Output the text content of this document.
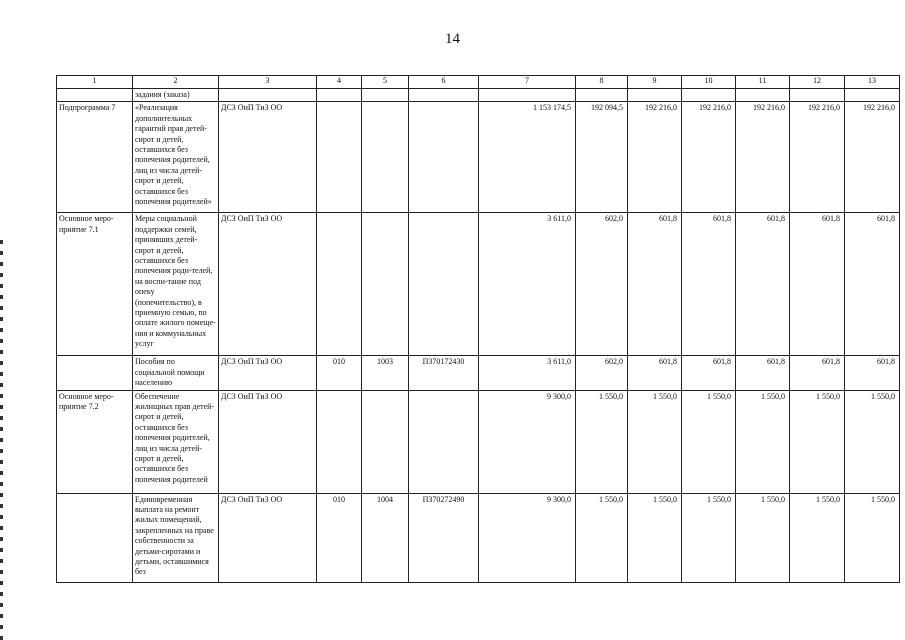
14
1	2	3	4	5	6	7	8	9	10	11	12	13
	задания (заказа)											
Подпрограмма 7	«Реализация дополнительных гарантий прав детей-сирот и детей, оставшихся без попечения родителей, лиц из числа детей-сирот и детей, оставшихся без попечения родителей»	ДСЗ ОиП ТиЗ ОО				1 153 174,5	192 094,5	192 216,0	192 216,0	192 216,0	192 216,0	192 216,0
Основное меро-приятие 7.1	Меры социальной поддержки семей, принявших детей-сирот и детей, оставшихся без попечения роди-телей, на воспи-тание под опеку (попечительство), в приемную семью, по оплате жилого помеще-ния и коммунальных услуг	ДСЗ ОиП ТиЗ ОО				3 611,0	602,0	601,8	601,8	601,8	601,8	601,8
	Пособия по социальной помощи населению	ДСЗ ОиП ТиЗ ОО	010	1003	П370172430	3 611,0	602,0	601,8	601,8	601,8	601,8	601,8
Основное меро-приятие 7.2	Обеспечение жилищных прав детей-сирот и детей, оставшихся без попечения родителей, лиц из числа детей-сирот и детей, оставшихся без попечения родителей	ДСЗ ОиП ТиЗ ОО				9 300,0	1 550,0	1 550,0	1 550,0	1 550,0	1 550,0	1 550,0
	Единовременная выплата на ремонт жилых помещений, закрепленных на праве собственности за детьми-сиротами и детьми, оставшимися без	ДСЗ ОиП ТиЗ ОО	010	1004	П370272490	9 300,0	1 550,0	1 550,0	1 550,0	1 550,0	1 550,0	1 550,0
